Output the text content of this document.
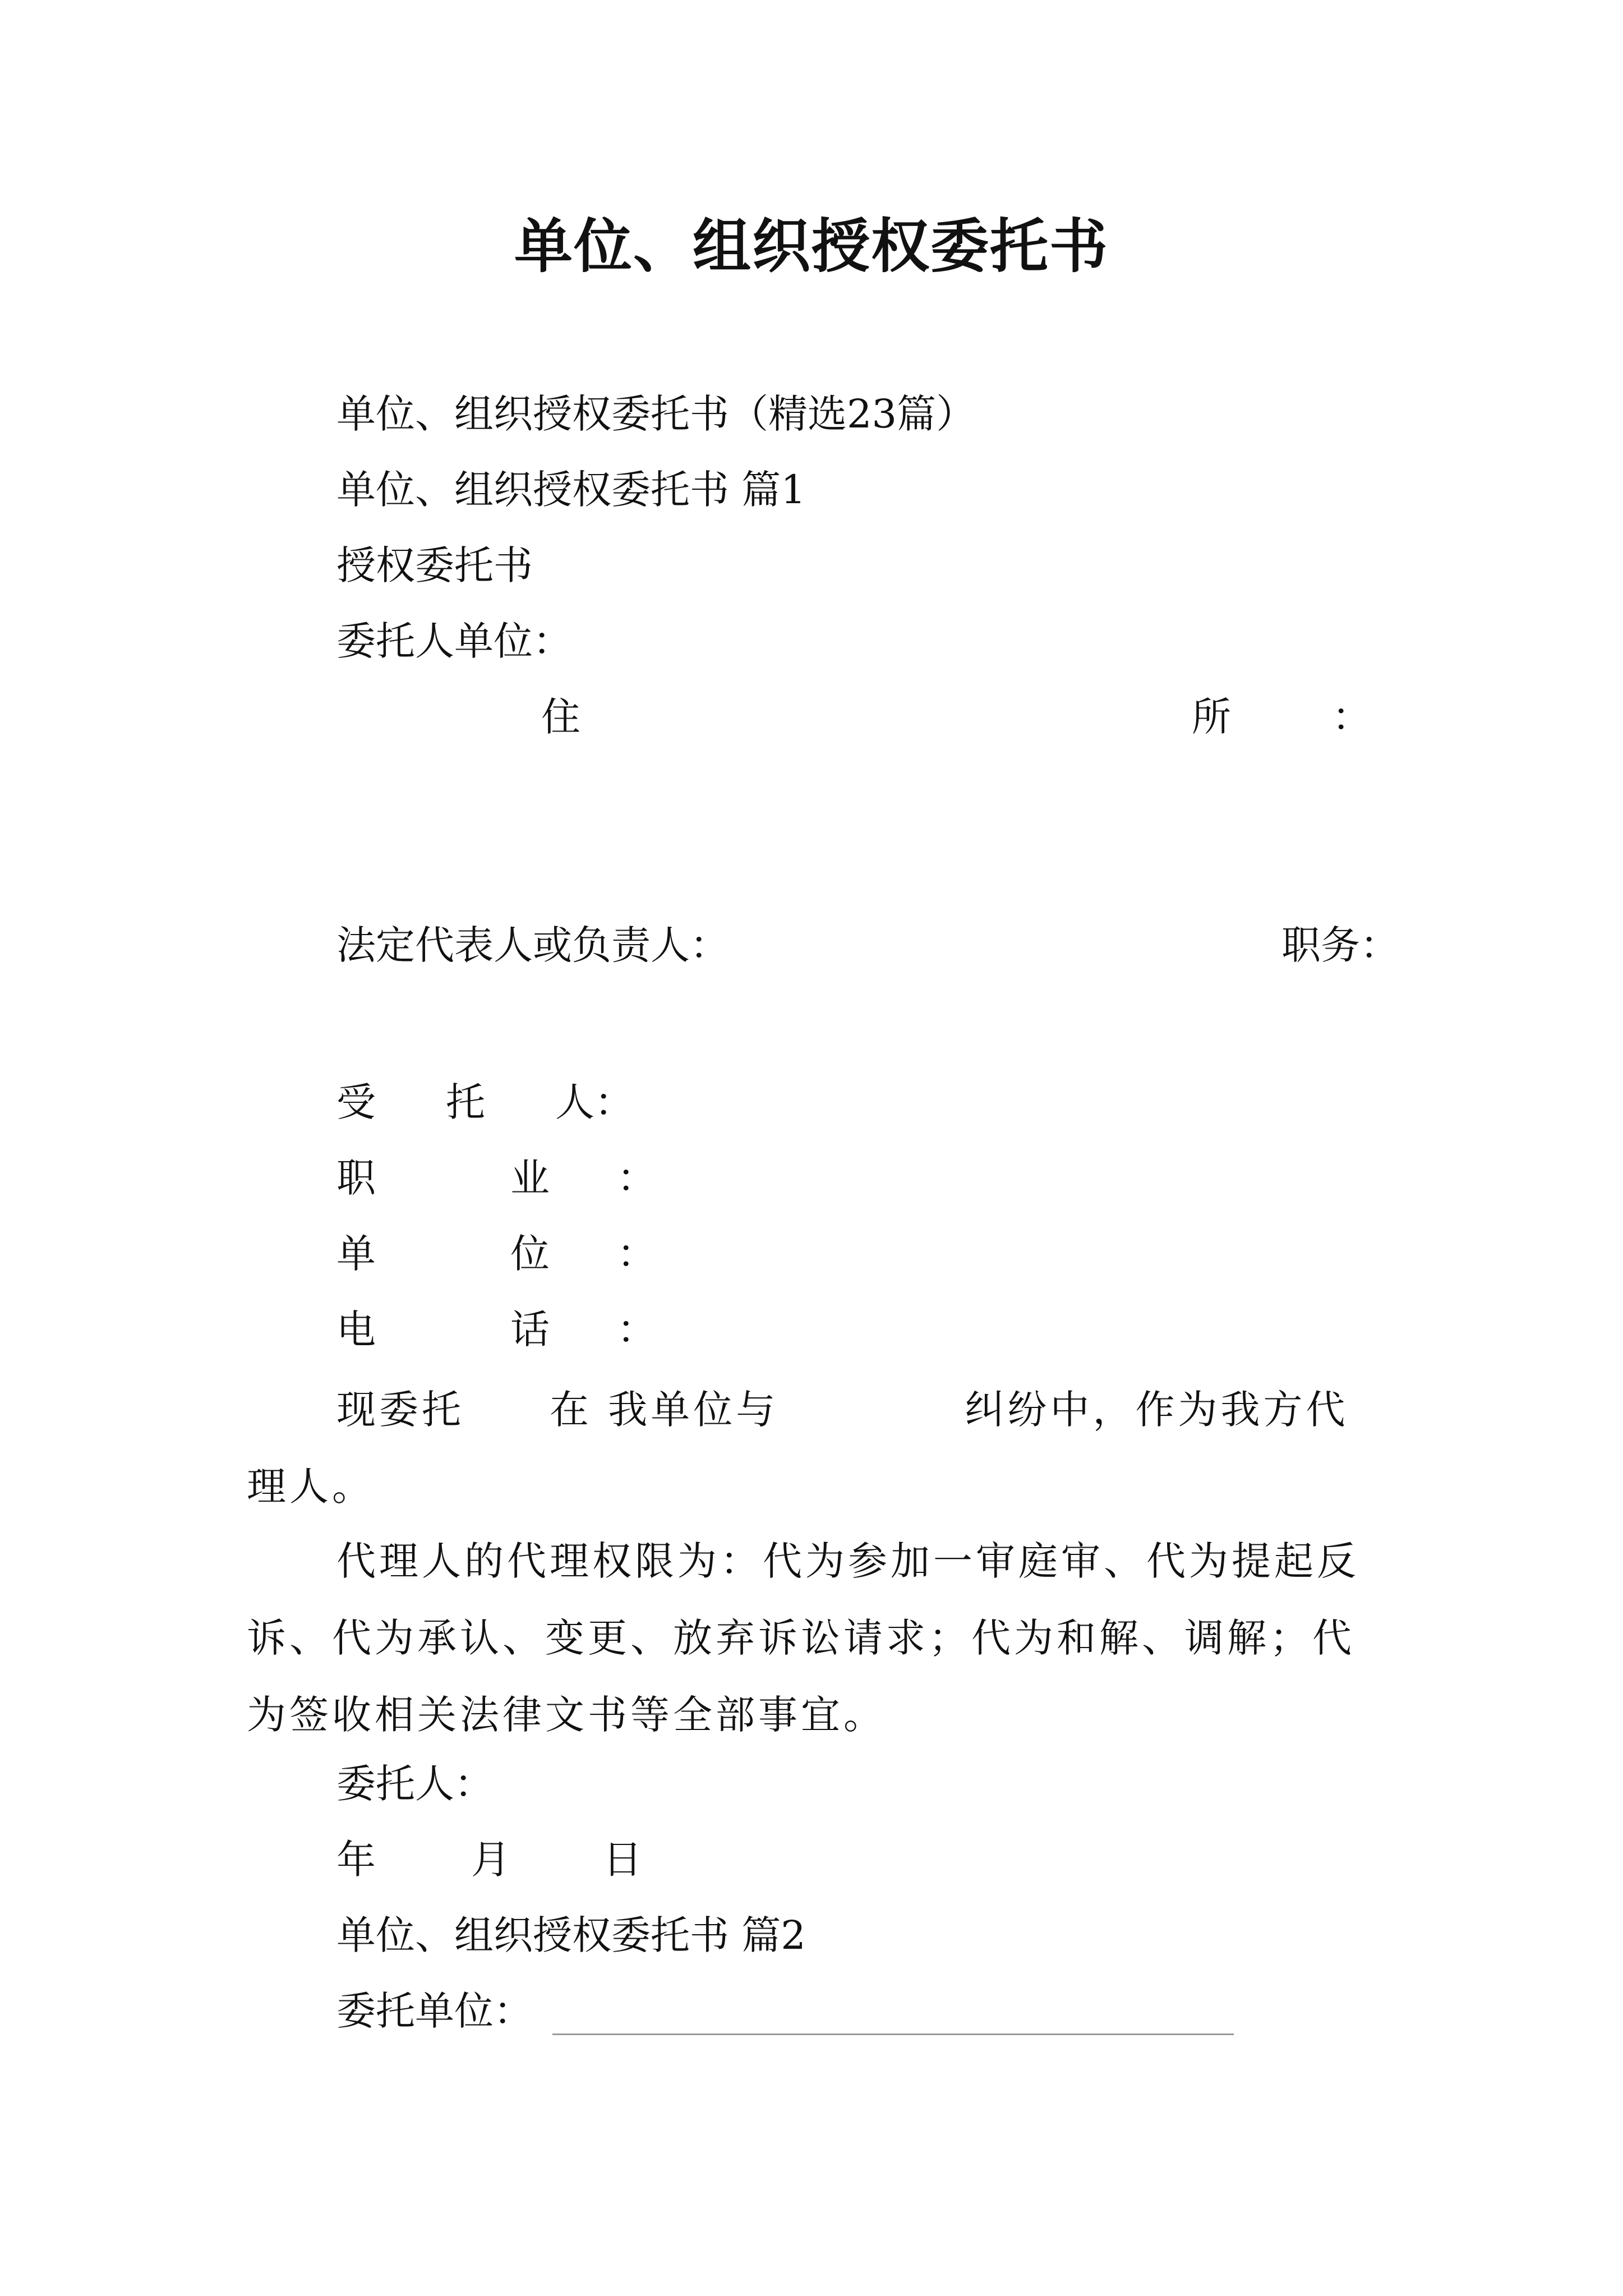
单位、组织授权委托书
单位、组织授权委托书（精选23篇）
单位、组织授权委托书 篇1
授权委托书
委托人单位：
住	所	：
法定代表人或负责人：	职务：
受 托 人：
职	业 ：
单	位 ：
电	话 ：
现委托　　在 我单位与 　　　　纠纷中，作为我方代理人。
代理人的代理权限为：代为参加一审庭审、代为提起反诉、代为承认、变更、放弃诉讼请求；代为和解、调解；代为签收相关法律文书等全部事宜。
委托人：
年 月 日
单位、组织授权委托书 篇2
委托单位：
